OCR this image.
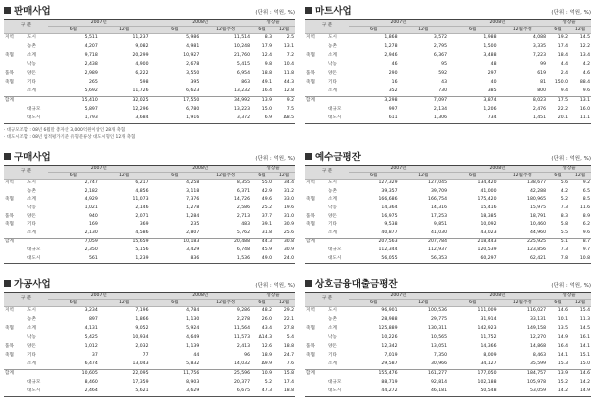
판매사업	(단위 : 억원, %)
구 분		2007년		2008년		성장율	
		6월	12월	6월	12월추정	6월	12월
지역	도시	5,511	11,237	5,986	11,514	8.3	2.5
	농촌	4,207	9,082	4,981	10,248	17.9	13.1
축협	소계	9,718	20,299	10,927	21,760	12.4	7.2
	낙농	2,438	4,900	2,678	5,415	9.8	10.4
품목	양돈	2,989	6,222	3,550	6,954	18.8	11.8
축협	기타	265	598	395	863	49.1	44.3
	소계	5,692	11,726	6,623	13,232	16.4	12.8
합계		15,410	32,025	17,550	34,992	13.9	9.2
	대규모	5,897	12,296	6,780	13,223	15.0	7.5
	대도시	1,793	3,684	1,916	3,372	6.9	Δ8.5
· 대규모조합 : 08년 6월말 총자산 3,000억원이상인 28개 축협
· 대도시조합 : 08년 업적평가기준 유형분류상 대도시형인 12개 축협
마트사업	(단위 : 억원, %)
구 분		2007년		2008년		성장율	
		6월	12월	6월	12월추정	6월	12월
지역	도시	1,868	3,572	1,988	4,088	19.2	14.5
	농촌	1,278	2,795	1,500	3,335	17.4	12.2
축협	소계	2,946	6,367	3,488	7,223	18.4	13.4
	낙농	46	95	48	99	4.4	4.2
품목	양돈	290	592	297	619	2.4	4.6
축협	기타	16	43	40	81	150.0	88.4
	소계	352	730	385	800	9.4	9.6
합계		3,298	7,097	3,874	8,023	17.5	13.1
	대규모	997	2,134	1,206	2,476	22.2	16.0
	대도시	611	1,306	734	1,451	20.1	11.1
구매사업	(단위 : 억원, %)
구 분		2007년		2008년		성장율	
		6월	12월	6월	12월추정	6월	12월
지역	도시	2,747	6,217	4,258	8,355	55.0	34.4
	농촌	2,182	4,856	3,118	6,371	42.9	31.2
축협	소계	4,929	11,073	7,376	14,726	49.6	33.0
	낙농	1,021	2,146	1,278	2,586	25.2	19.6
품목	양돈	940	2,071	1,284	2,713	37.7	31.0
축협	기타	169	369	235	483	39.1	30.9
	소계	2,130	4,586	2,807	5,762	31.8	25.6
합계		7,059	15,659	10,183	20,488	44.3	30.8
	대규모	2,350	5,156	3,429	6,748	45.9	30.9
	대도시	561	1,239	836	1,536	49.0	24.0
예수금평잔	(단위 : 억원, %)
구 분		2007년		2008년		성장율	
		6월	12월	6월	12월추정	6월	12월
지역	도시	127,329	127,045	134,420	138,677	5.6	9.2
	농촌	39,357	39,709	41,000	42,288	4.2	6.5
축협	소계	166,686	166,754	175,420	180,965	5.2	8.5
	낙농	14,364	14,316	15,416	15,975	7.3	11.6
품목	양돈	16,975	17,253	18,385	18,791	8.3	8.9
축협	기타	9,538	9,851	10,092	10,460	5.8	6.2
	소계	40,877	41,030	43,023	44,960	5.5	9.6
합계		207,563	207,784	218,443	225,925	5.1	8.7
	대규모	112,344	112,937	120,539	123,856	7.3	9.7
	대도시	56,055	56,353	60,297	62,421	7.8	10.8
가공사업	(단위 : 억원, %)
구 분		2007년		2008년		성장율	
		6월	12월	6월	12월추정	6월	12월
지역	도시	3,234	7,196	4,784	9,286	48.2	29.2
	농촌	897	1,866	1,130	2,278	26.0	22.1
축협	소계	4,131	9,052	5,924	11,564	43.4	27.8
	낙농	5,425	10,934	4,649	11,573	Δ14.3	5.4
품목	양돈	1,012	2,032	1,139	2,413	12.6	18.8
축협	기타	37	77	44	96	18.9	24.7
	소계	6,474	13,043	5,832	14,032	Δ9.9	7.6
합계		10,605	22,095	11,756	25,596	10.9	15.8
	대규모	8,460	17,359	8,903	20,377	5.2	17.4
	대도시	2,464	5,621	3,629	6,675	47.3	18.8
상호금융대출금평잔	(단위 : 억원, %)
구 분		2007년		2008년		성장율	
		6월	12월	6월	12월추정	6월	12월
지역	도시	96,901	100,536	111,009	116,027	14.6	15.4
	농촌	28,988	29,775	31,914	33,131	10.1	11.3
축협	소계	125,889	130,311	142,923	149,158	13.5	14.5
	낙농	10,226	10,565	11,752	12,270	14.9	16.1
품목	양돈	12,342	13,051	14,366	14,868	16.4	14.1
축협	기타	7,019	7,350	8,009	8,463	14.1	15.1
	소계	29,587	30,966	34,127	35,599	15.3	15.0
합계		155,476	161,277	177,050	184,757	13.9	14.6
	대규모	88,719	92,814	102,188	105,978	15.2	14.2
	대도시	44,272	46,181	50,548	53,059	14.2	14.9
